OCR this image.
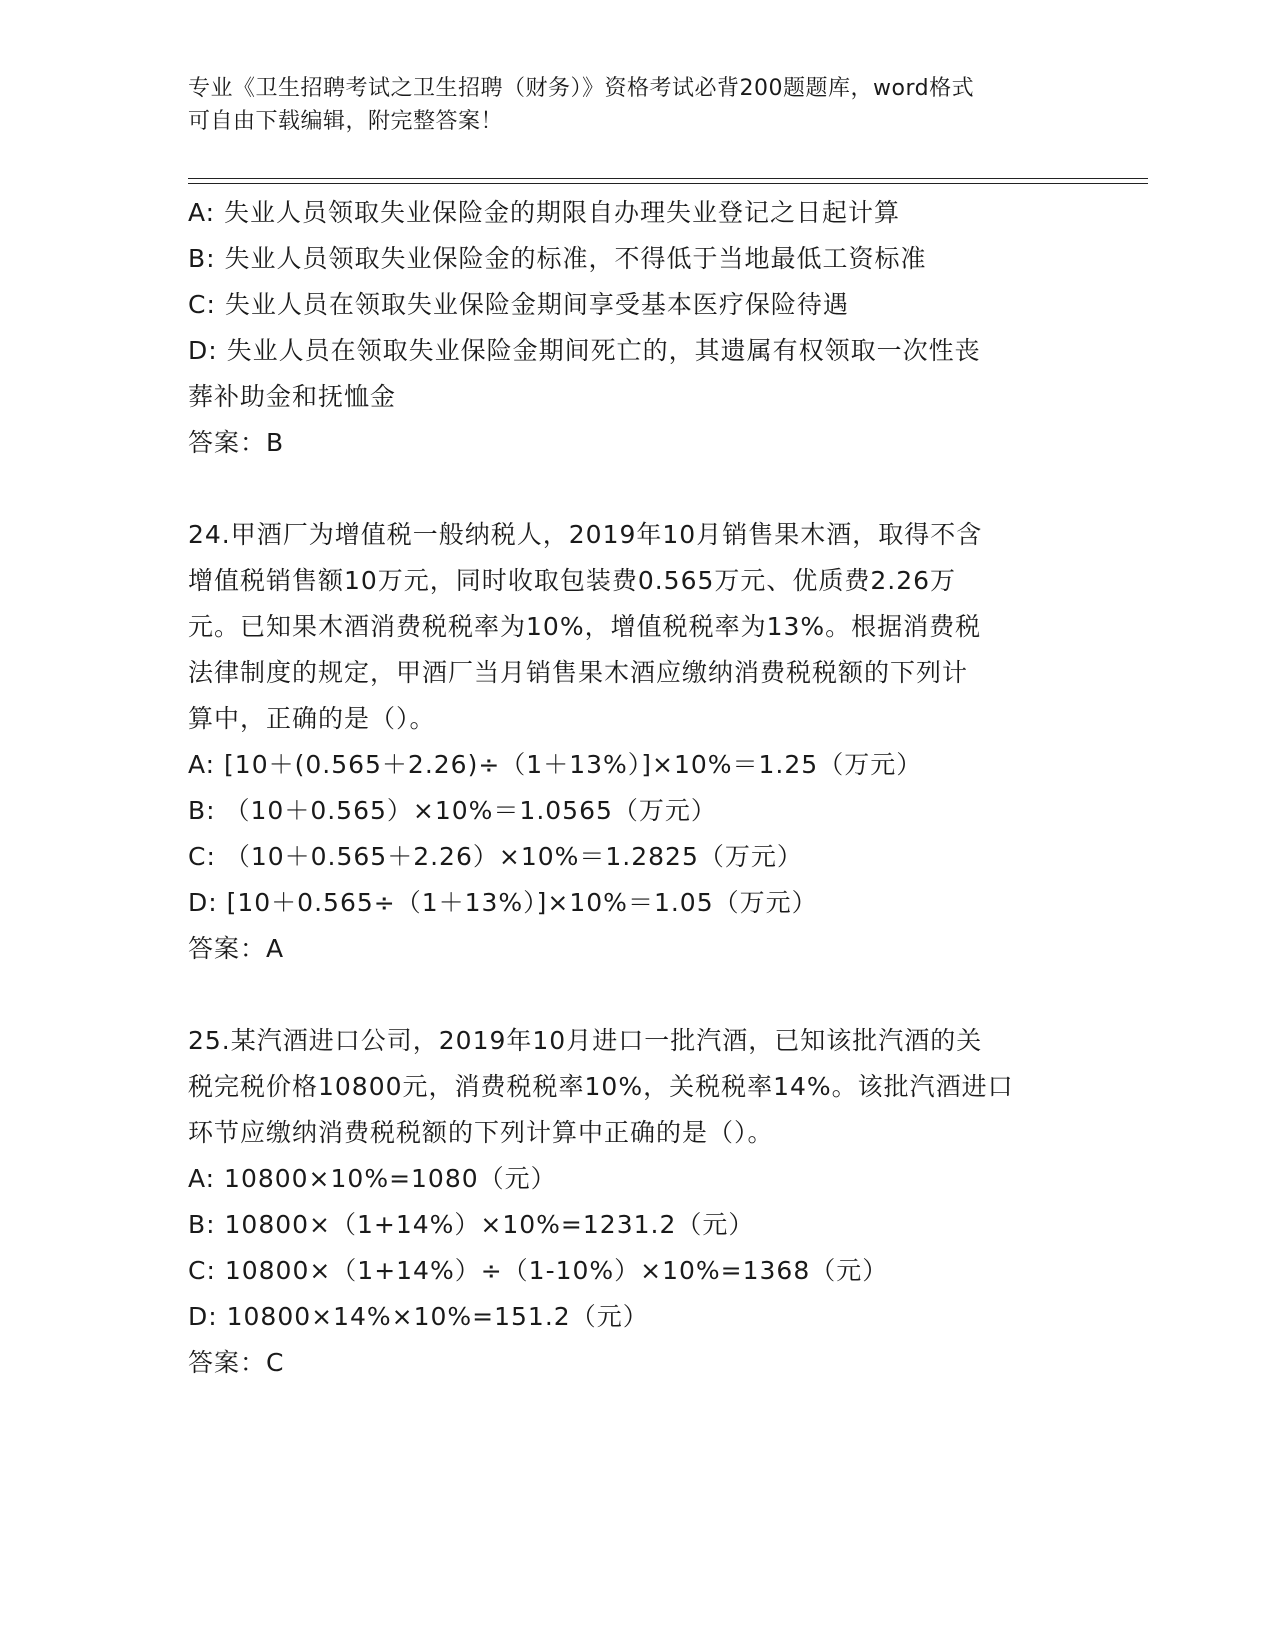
专业《卫生招聘考试之卫生招聘（财务）》资格考试必背200题题库，word格式
可自由下载编辑，附完整答案！
A: 失业人员领取失业保险金的期限自办理失业登记之日起计算
B: 失业人员领取失业保险金的标准，不得低于当地最低工资标准
C: 失业人员在领取失业保险金期间享受基本医疗保险待遇
D: 失业人员在领取失业保险金期间死亡的，其遗属有权领取一次性丧
葬补助金和抚恤金
答案：B
24.甲酒厂为增值税一般纳税人，2019年10月销售果木酒，取得不含
增值税销售额10万元，同时收取包装费0.565万元、优质费2.26万
元。已知果木酒消费税税率为10%，增值税税率为13%。根据消费税
法律制度的规定，甲酒厂当月销售果木酒应缴纳消费税税额的下列计
算中，正确的是（）。
A: [10＋(0.565＋2.26)÷（1＋13%）]×10%＝1.25（万元）
B: （10＋0.565）×10%＝1.0565（万元）
C: （10＋0.565＋2.26）×10%＝1.2825（万元）
D: [10＋0.565÷（1＋13%）]×10%＝1.05（万元）
答案：A
25.某汽酒进口公司，2019年10月进口一批汽酒，已知该批汽酒的关
税完税价格10800元，消费税税率10%，关税税率14%。该批汽酒进口
环节应缴纳消费税税额的下列计算中正确的是（）。
A: 10800×10%=1080（元）
B: 10800×（1+14%）×10%=1231.2（元）
C: 10800×（1+14%）÷（1-10%）×10%=1368（元）
D: 10800×14%×10%=151.2（元）
答案：C
